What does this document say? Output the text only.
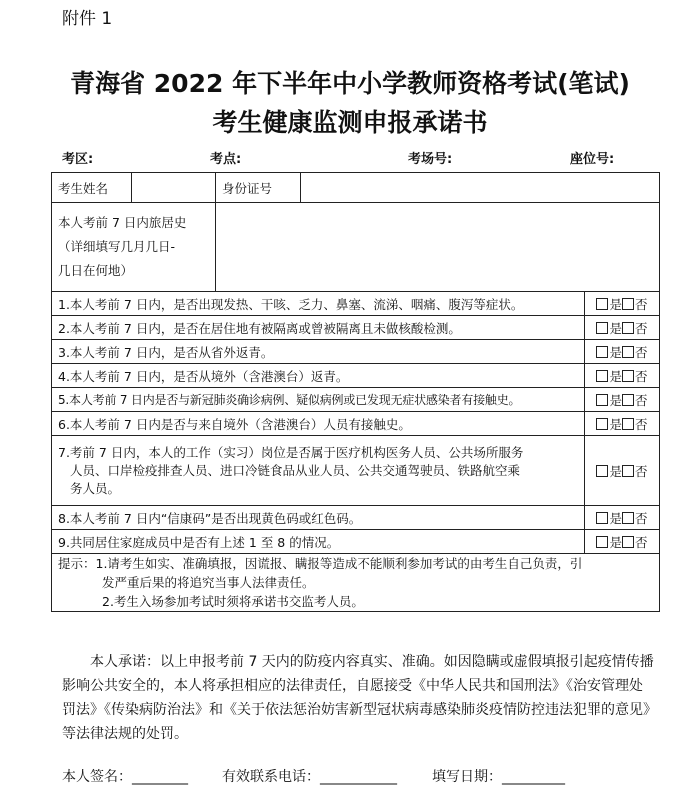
附件 1
青海省 2022 年下半年中小学教师资格考试(笔试)
考生健康监测申报承诺书
考区:	考点:	考场号:	座位号:
考生姓名		身份证号		

本人考前 7 日内旅居史
（详细填写几月几日-
几日在何地）				

1.本人考前 7 日内，是否出现发热、干咳、乏力、鼻塞、流涕、咽痛、腹泻等症状。				是 否
2.本人考前 7 日内，是否在居住地有被隔离或曾被隔离且未做核酸检测。				是 否
3.本人考前 7 日内，是否从省外返青。				是 否
4.本人考前 7 日内，是否从境外（含港澳台）返青。				是 否
5.本人考前 7 日内是否与新冠肺炎确诊病例、疑似病例或已发现无症状感染者有接触史。				是 否
6.本人考前 7 日内是否与来自境外（含港澳台）人员有接触史。				是 否

7.考前 7 日内，本人的工作（实习）岗位是否属于医疗机构医务人员、公共场所服务
人员、口岸检疫排查人员、进口冷链食品从业人员、公共交通驾驶员、铁路航空乘
务人员。				是 否
8.本人考前 7 日内“信康码”是否出现黄色码或红色码。				是 否
9.共同居住家庭成员中是否有上述 1 至 8 的情况。				是 否

提示：1.请考生如实、准确填报，因谎报、瞒报等造成不能顺利参加考试的由考生自己负责，引
发严重后果的将追究当事人法律责任。
2.考生入场参加考试时须将承诺书交监考人员。				
本人承诺：以上申报考前 7 天内的防疫内容真实、准确。如因隐瞒或虚假填报引起疫情传播影响公共安全的，本人将承担相应的法律责任，自愿接受《中华人民共和国刑法》《治安管理处罚法》《传染病防治法》和《关于依法惩治妨害新型冠状病毒感染肺炎疫情防控违法犯罪的意见》等法律法规的处罚。
本人签名：________ 有效联系电话：___________	填写日期：_________
